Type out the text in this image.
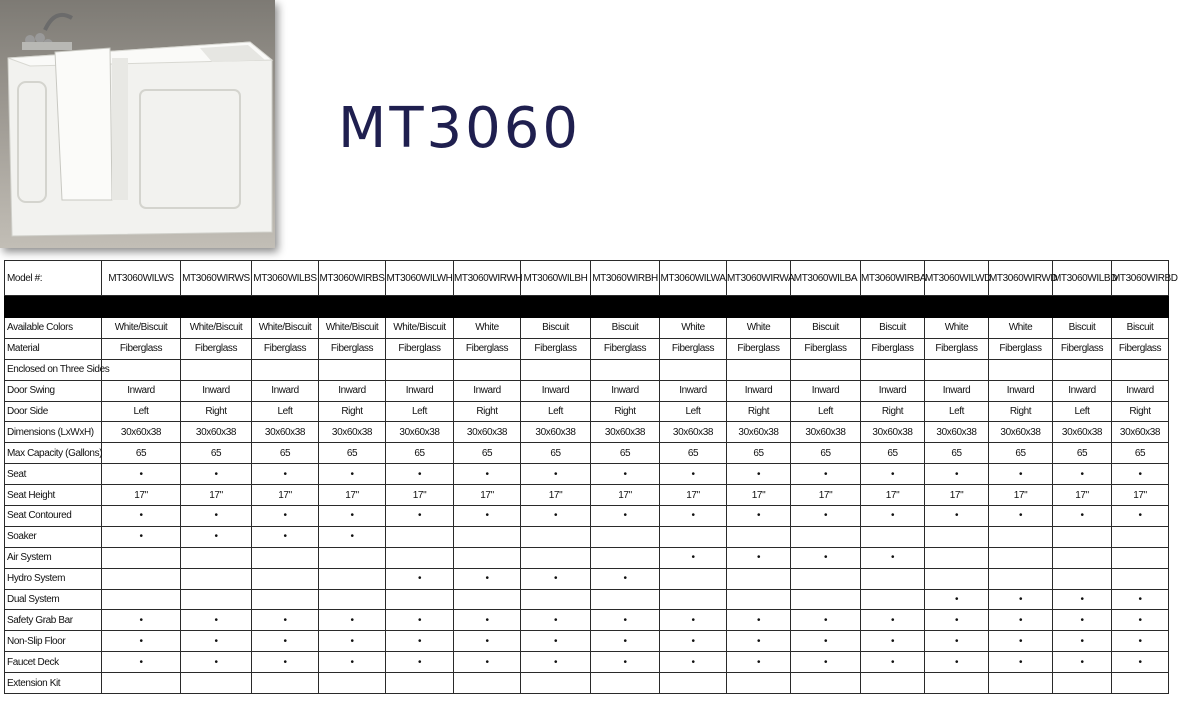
MT3060
Model #:	MT3060WILWS	MT3060WIRWS	MT3060WILBS	MT3060WIRBS	MT3060WILWH	MT3060WIRWH	MT3060WILBH	MT3060WIRBH	MT3060WILWA	MT3060WIRWA	MT3060WILBA	MT3060WIRBA	MT3060WILWD	MT3060WIRWD	MT3060WILBD	MT3060WIRBD

Available Colors	White/Biscuit	White/Biscuit	White/Biscuit	White/Biscuit	White/Biscuit	White	Biscuit	Biscuit	White	White	Biscuit	Biscuit	White	White	Biscuit	Biscuit
Material	Fiberglass	Fiberglass	Fiberglass	Fiberglass	Fiberglass	Fiberglass	Fiberglass	Fiberglass	Fiberglass	Fiberglass	Fiberglass	Fiberglass	Fiberglass	Fiberglass	Fiberglass	Fiberglass
Enclosed on Three Sides																
Door Swing	Inward	Inward	Inward	Inward	Inward	Inward	Inward	Inward	Inward	Inward	Inward	Inward	Inward	Inward	Inward	Inward
Door Side	Left	Right	Left	Right	Left	Right	Left	Right	Left	Right	Left	Right	Left	Right	Left	Right
Dimensions (LxWxH)	30x60x38	30x60x38	30x60x38	30x60x38	30x60x38	30x60x38	30x60x38	30x60x38	30x60x38	30x60x38	30x60x38	30x60x38	30x60x38	30x60x38	30x60x38	30x60x38
Max Capacity (Gallons)	65	65	65	65	65	65	65	65	65	65	65	65	65	65	65	65
Seat	•	•	•	•	•	•	•	•	•	•	•	•	•	•	•	•
Seat Height	17"	17"	17"	17"	17"	17"	17"	17"	17"	17"	17"	17"	17"	17"	17"	17"
Seat Contoured	•	•	•	•	•	•	•	•	•	•	•	•	•	•	•	•
Soaker	•	•	•	•												
Air System									•	•	•	•				
Hydro System					•	•	•	•								
Dual System													•	•	•	•
Safety Grab Bar	•	•	•	•	•	•	•	•	•	•	•	•	•	•	•	•
Non-Slip Floor	•	•	•	•	•	•	•	•	•	•	•	•	•	•	•	•
Faucet Deck	•	•	•	•	•	•	•	•	•	•	•	•	•	•	•	•
Extension Kit																
